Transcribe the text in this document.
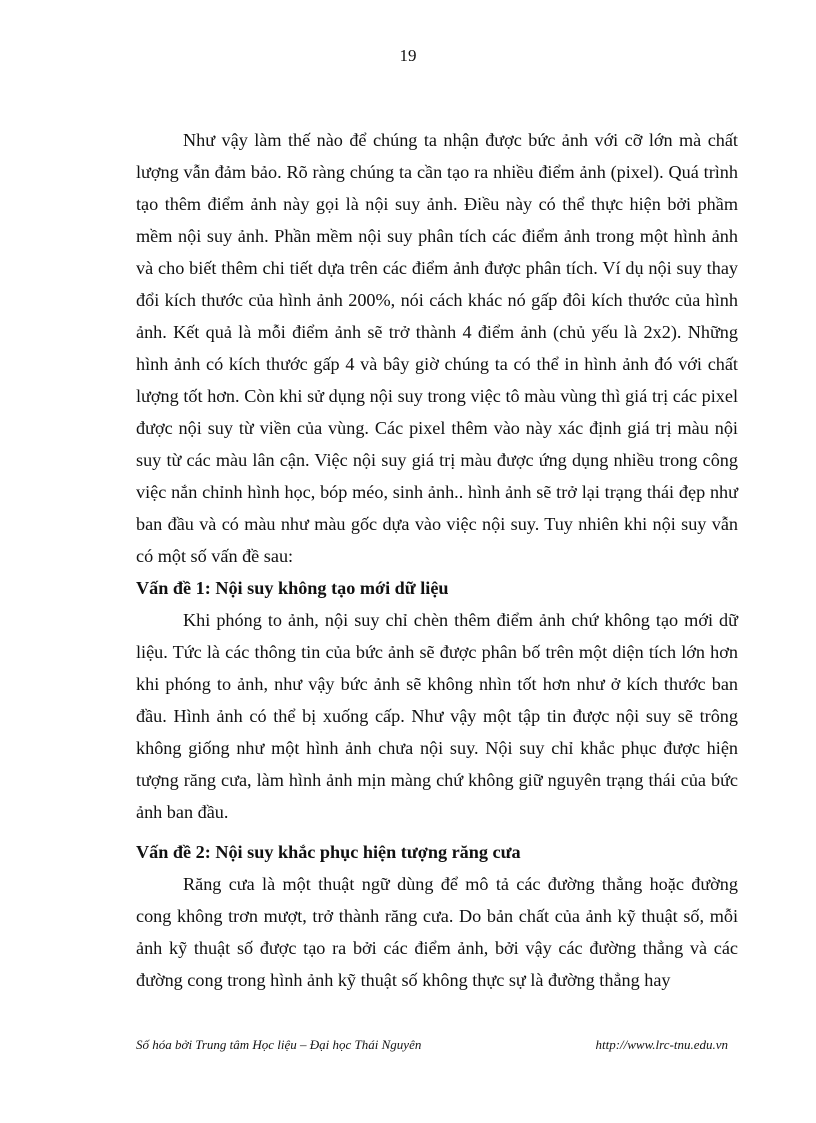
19

Như vậy làm thế nào để chúng ta nhận được bức ảnh với cỡ lớn mà chất lượng vẫn đảm bảo. Rõ ràng chúng ta cần tạo ra nhiều điểm ảnh (pixel). Quá trình tạo thêm điểm ảnh này gọi là nội suy ảnh. Điều này có thể thực hiện bởi phầm mềm nội suy ảnh. Phần mềm nội suy phân tích các điểm ảnh trong một hình ảnh và cho biết thêm chi tiết dựa trên các điểm ảnh được phân tích. Ví dụ nội suy thay đổi kích thước của hình ảnh 200%, nói cách khác nó gấp đôi kích thước của hình ảnh. Kết quả là mỗi điểm ảnh sẽ trở thành 4 điểm ảnh (chủ yếu là 2x2). Những hình ảnh có kích thước gấp 4 và bây giờ chúng ta có thể in hình ảnh đó với chất lượng tốt hơn. Còn khi sử dụng nội suy trong việc tô màu vùng thì giá trị các pixel được nội suy từ viền của vùng. Các pixel thêm vào này xác định giá trị màu nội suy từ các màu lân cận. Việc nội suy giá trị màu được ứng dụng nhiều trong công việc nắn chỉnh hình học, bóp méo, sinh ảnh.. hình ảnh sẽ trở lại trạng thái đẹp như ban đầu và có màu như màu gốc dựa vào việc nội suy. Tuy nhiên khi nội suy vẫn có một số vấn đề sau:

Vấn đề 1: Nội suy không tạo mới dữ liệu

Khi phóng to ảnh, nội suy chỉ chèn thêm điểm ảnh chứ không tạo mới dữ liệu. Tức là các thông tin của bức ảnh sẽ được phân bố trên một diện tích lớn hơn khi phóng to ảnh, như vậy bức ảnh sẽ không nhìn tốt hơn như ở kích thước ban đầu. Hình ảnh có thể bị xuống cấp. Như vậy một tập tin được nội suy sẽ trông không giống như một hình ảnh chưa nội suy. Nội suy chỉ khắc phục được hiện tượng răng cưa, làm hình ảnh mịn màng chứ không giữ nguyên trạng thái của bức ảnh ban đầu.

Vấn đề 2: Nội suy khắc phục hiện tượng răng cưa

Răng cưa là một thuật ngữ dùng để mô tả các đường thẳng hoặc đường cong không trơn mượt, trở thành răng cưa. Do bản chất của ảnh kỹ thuật số, mỗi ảnh kỹ thuật số được tạo ra bởi các điểm ảnh, bởi vậy các đường thẳng và các đường cong trong hình ảnh kỹ thuật số không thực sự là đường thẳng hay

Số hóa bởi Trung tâm Học liệu – Đại học Thái Nguyên	http://www.lrc-tnu.edu.vn
